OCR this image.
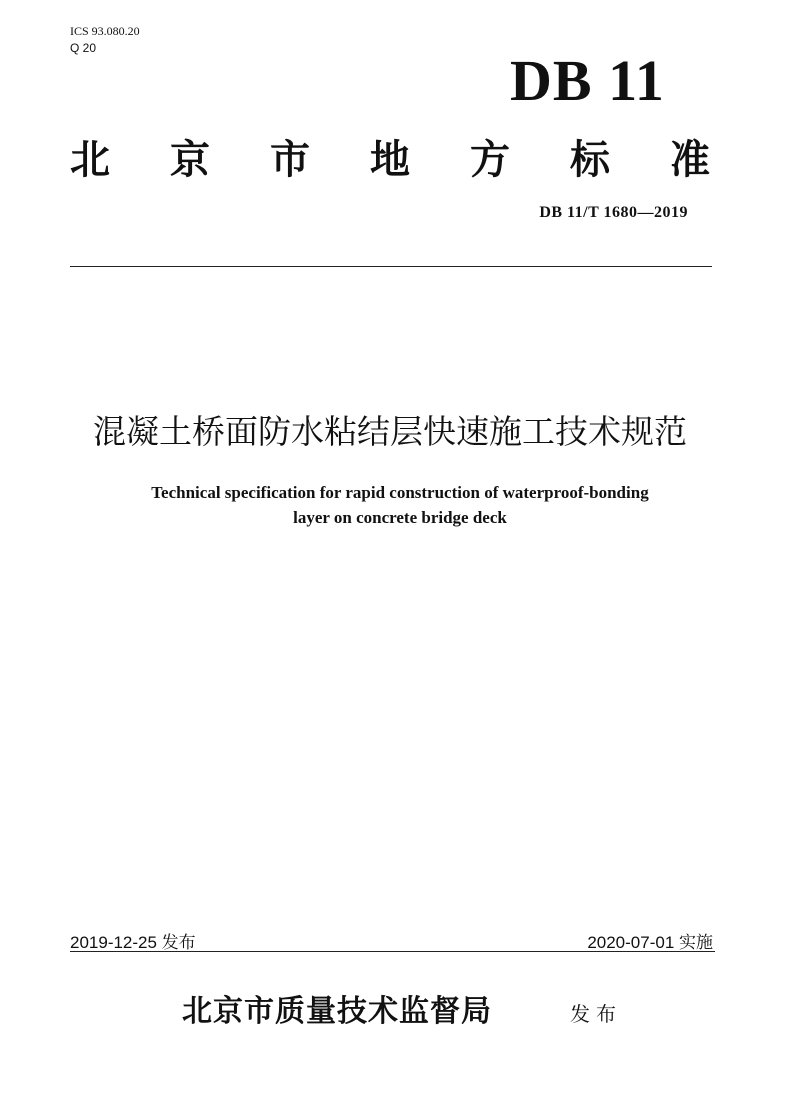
ICS 93.080.20
Q 20	DB 11
北 京 市 地 方 标 准
DB 11/T 1680—2019
混凝土桥面防水粘结层快速施工技术规范
Technical specification for rapid construction of waterproof-bonding
layer on concrete bridge deck
2019-12-25 发布	2020-07-01 实施
北京市质量技术监督局	发布
